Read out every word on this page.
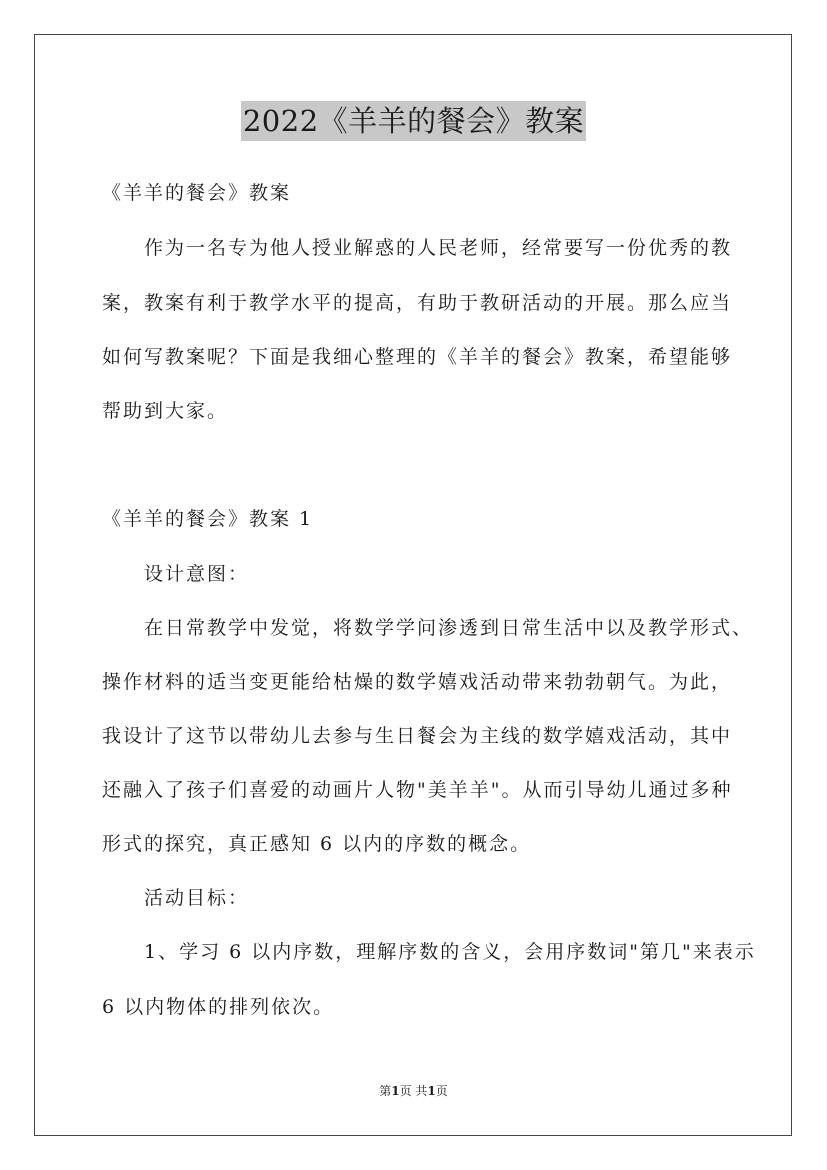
2022《羊羊的餐会》教案
《羊羊的餐会》教案
作为一名专为他人授业解惑的人民老师，经常要写一份优秀的教
案，教案有利于教学水平的提高，有助于教研活动的开展。那么应当
如何写教案呢？下面是我细心整理的《羊羊的餐会》教案，希望能够
帮助到大家。
《羊羊的餐会》教案 1
设计意图：
在日常教学中发觉，将数学学问渗透到日常生活中以及教学形式、
操作材料的适当变更能给枯燥的数学嬉戏活动带来勃勃朝气。为此，
我设计了这节以带幼儿去参与生日餐会为主线的数学嬉戏活动，其中
还融入了孩子们喜爱的动画片人物"美羊羊"。从而引导幼儿通过多种
形式的探究，真正感知 6 以内的序数的概念。
活动目标：
1、学习 6 以内序数，理解序数的含义，会用序数词"第几"来表示
6 以内物体的排列依次。
第1页 共1页
